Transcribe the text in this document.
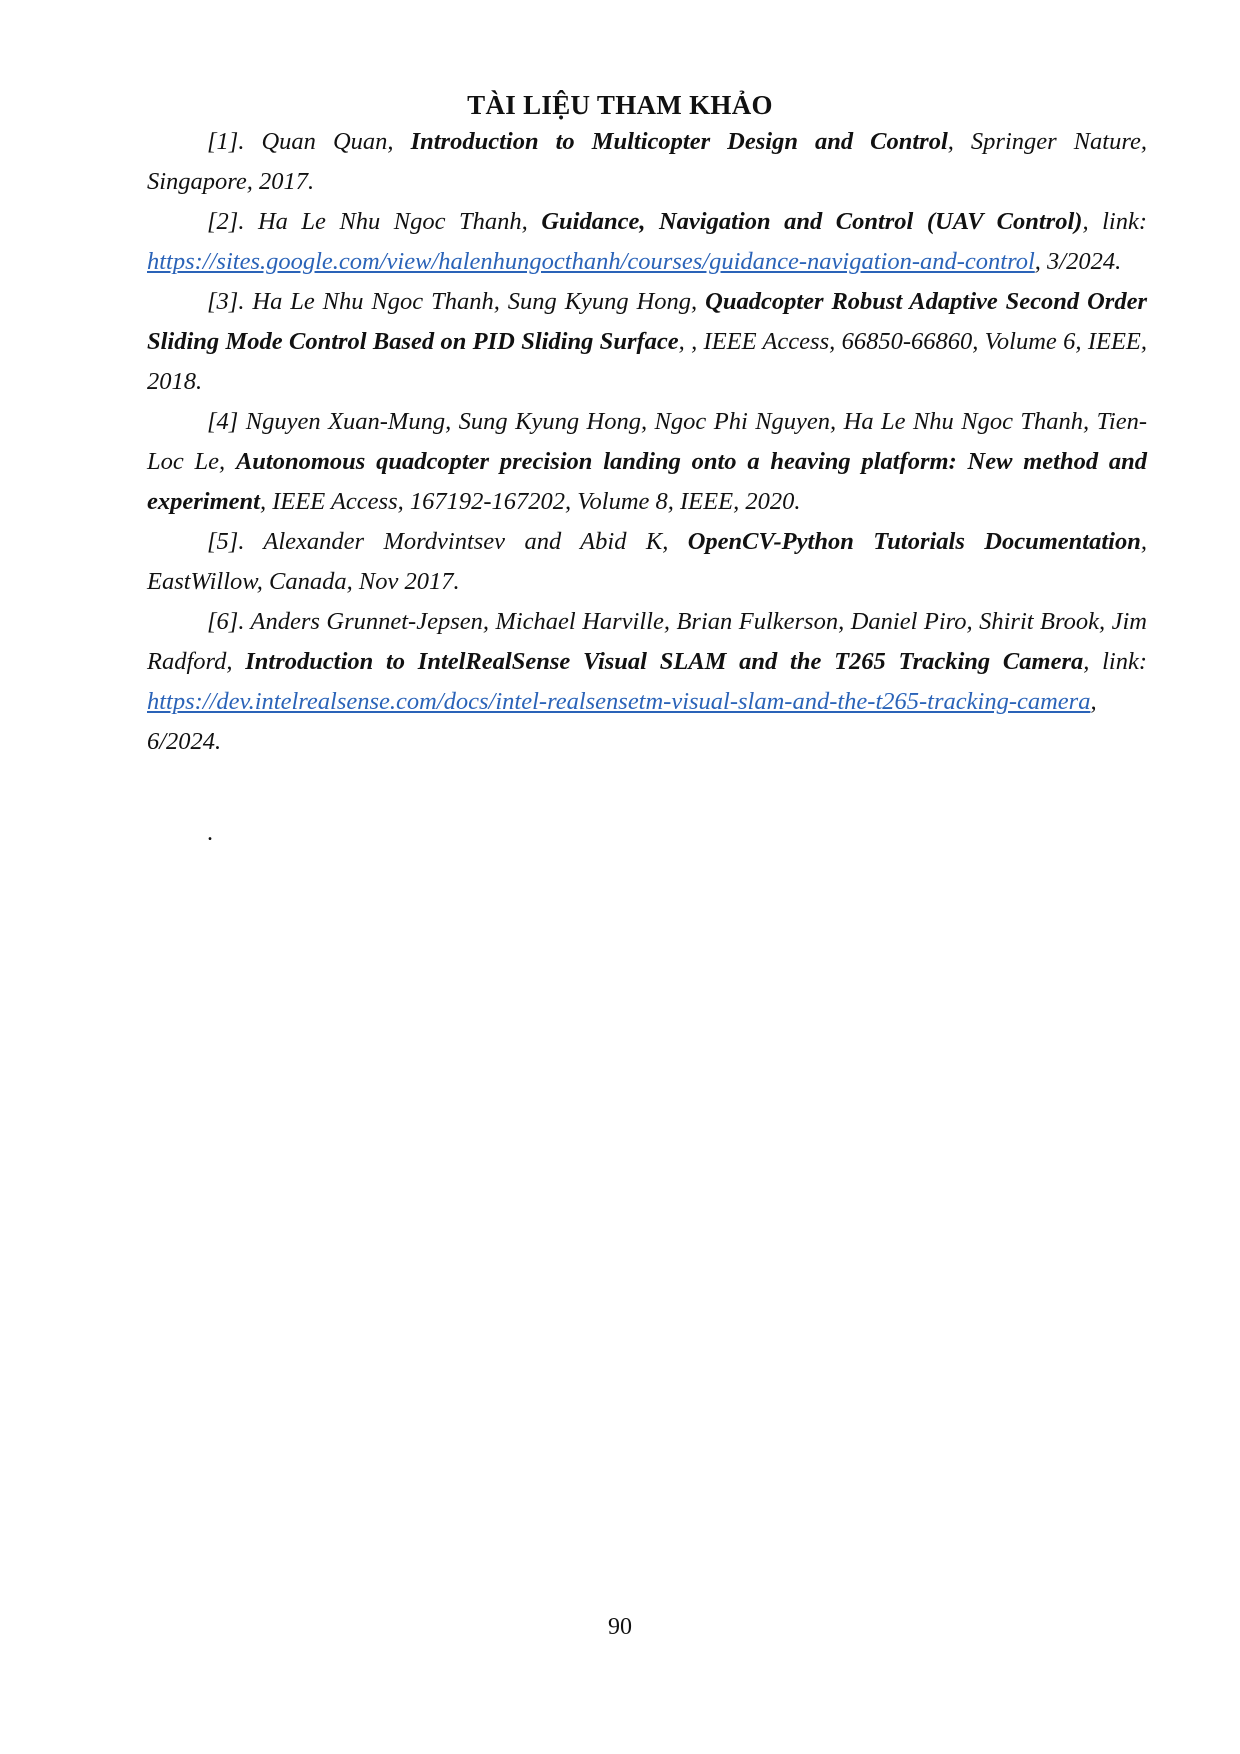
TÀI LIỆU THAM KHẢO

[1]. Quan Quan, Introduction to Multicopter Design and Control, Springer Nature, Singapore, 2017.

[2]. Ha Le Nhu Ngoc Thanh, Guidance, Navigation and Control (UAV Control), link: https://sites.google.com/view/halenhungocthanh/courses/guidance-navigation-and-control, 3/2024.

[3]. Ha Le Nhu Ngoc Thanh, Sung Kyung Hong, Quadcopter Robust Adaptive Second Order Sliding Mode Control Based on PID Sliding Surface, , IEEE Access, 66850-66860, Volume 6, IEEE, 2018.

[4] Nguyen Xuan-Mung, Sung Kyung Hong, Ngoc Phi Nguyen, Ha Le Nhu Ngoc Thanh, Tien-Loc Le, Autonomous quadcopter precision landing onto a heaving platform: New method and experiment, IEEE Access, 167192-167202, Volume 8, IEEE, 2020.

[5]. Alexander Mordvintsev and Abid K, OpenCV-Python Tutorials Documentation, EastWillow, Canada, Nov 2017.

[6]. Anders Grunnet-Jepsen, Michael Harville, Brian Fulkerson, Daniel Piro, Shirit Brook, Jim Radford, Introduction to IntelRealSense Visual SLAM and the T265 Tracking Camera, link: https://dev.intelrealsense.com/docs/intel-realsensetm-visual-slam-and-the-t265-tracking-camera, 6/2024.

.
90
